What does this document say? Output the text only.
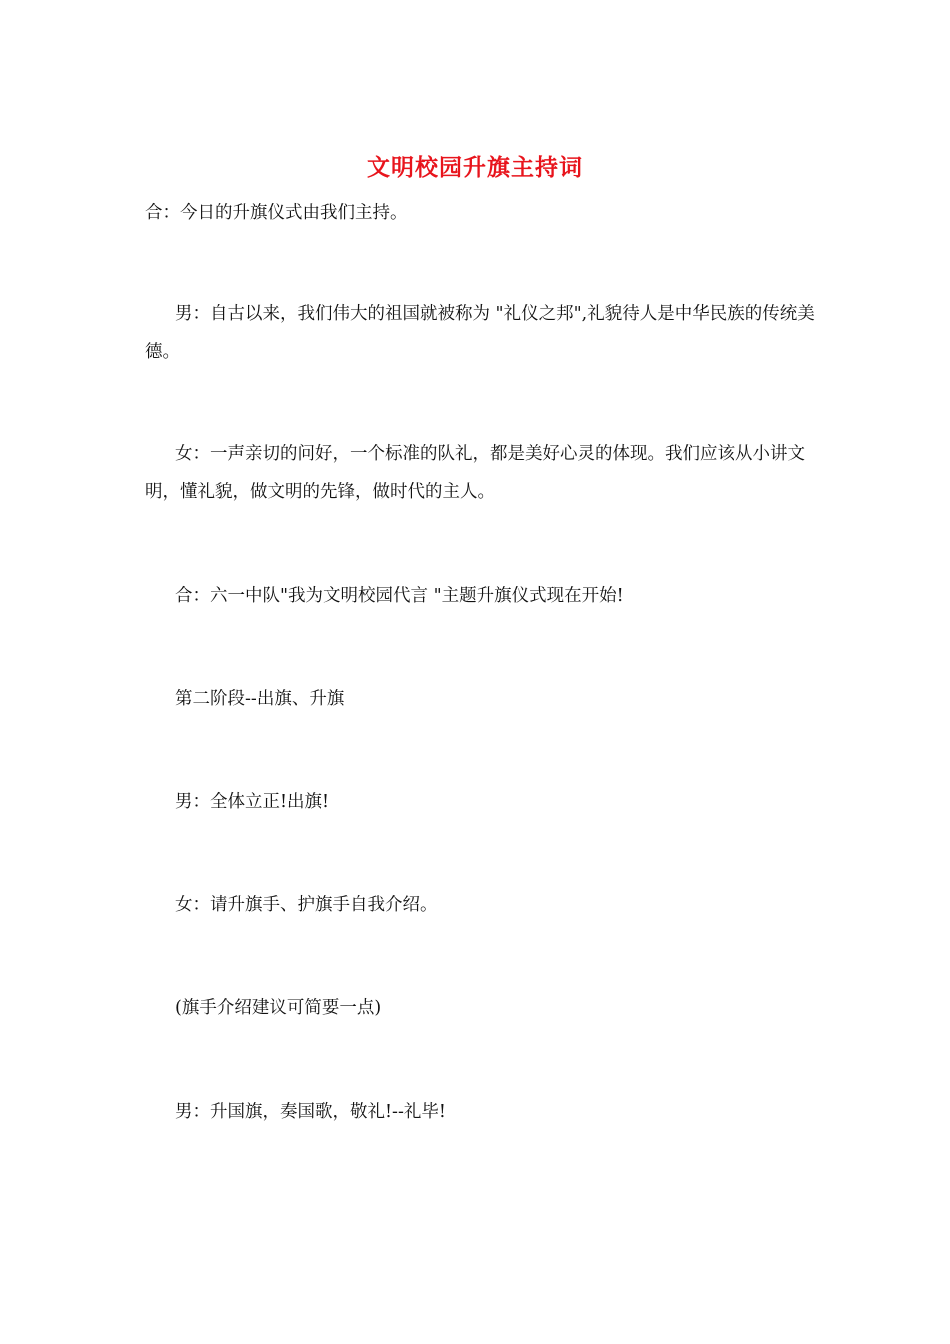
文明校园升旗主持词

合：今日的升旗仪式由我们主持。

男：自古以来，我们伟大的祖国就被称为 "礼仪之邦",礼貌待人是中华民族的传统美德。

女：一声亲切的问好，一个标准的队礼，都是美好心灵的体现。我们应该从小讲文明，懂礼貌，做文明的先锋，做时代的主人。

合：六一中队"我为文明校园代言 "主题升旗仪式现在开始!

第二阶段--出旗、升旗

男：全体立正!出旗!

女：请升旗手、护旗手自我介绍。

(旗手介绍建议可简要一点)

男：升国旗，奏国歌，敬礼!--礼毕!
